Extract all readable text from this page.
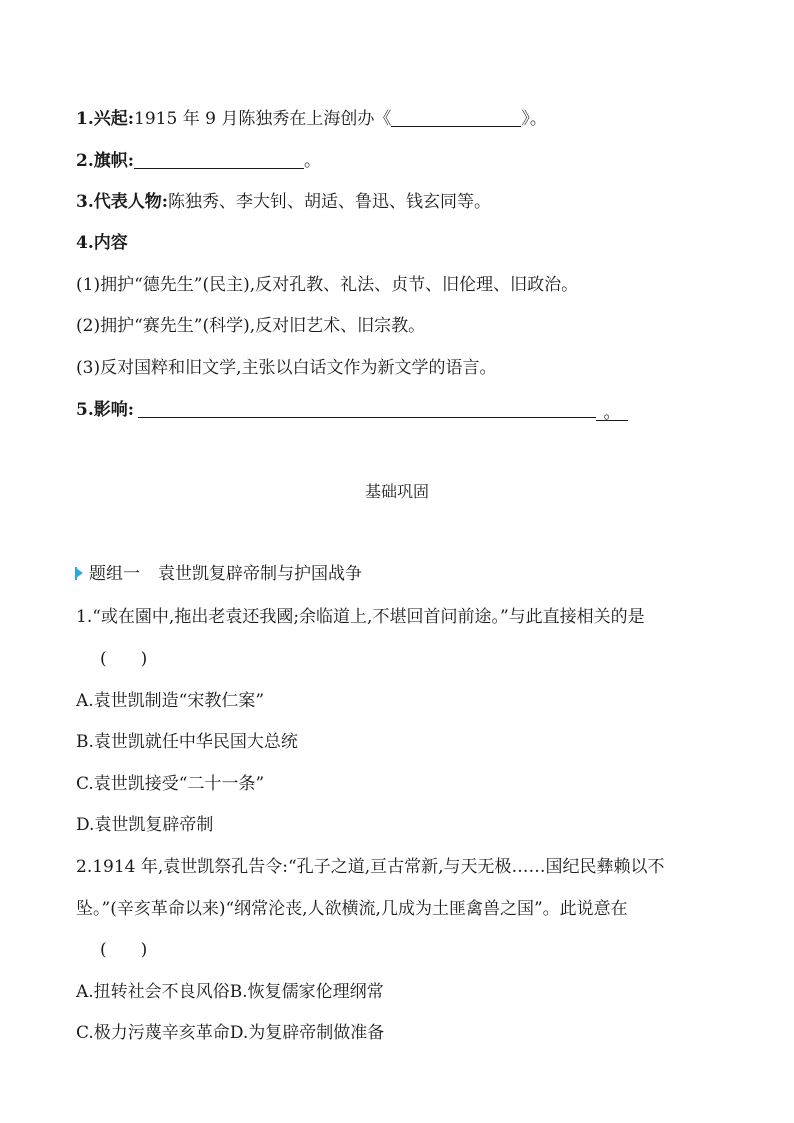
1.兴起:1915 年 9 月陈独秀在上海创办《	》。
2.旗帜:	。
3.代表人物:陈独秀、李大钊、胡适、鲁迅、钱玄同等。
4.内容
(1)拥护“德先生”(民主),反对孔教、礼法、贞节、旧伦理、旧政治。
(2)拥护“赛先生”(科学),反对旧艺术、旧宗教。
(3)反对国粹和旧文学,主张以白话文作为新文学的语言。
5.影响:	。
基础巩固
题组一 袁世凯复辟帝制与护国战争
1.“或在園中,拖出老袁还我國;余临道上,不堪回首问前途。”与此直接相关的是
(　　)
A.袁世凯制造“宋教仁案”
B.袁世凯就任中华民国大总统
C.袁世凯接受“二十一条”
D.袁世凯复辟帝制
2.1914 年,袁世凯祭孔告令:“孔子之道,亘古常新,与天无极……国纪民彝赖以不
坠。”(辛亥革命以来)“纲常沦丧,人欲横流,几成为土匪禽兽之国”。此说意在
(　　)
A.扭转社会不良风俗B.恢复儒家伦理纲常
C.极力污蔑辛亥革命D.为复辟帝制做准备
